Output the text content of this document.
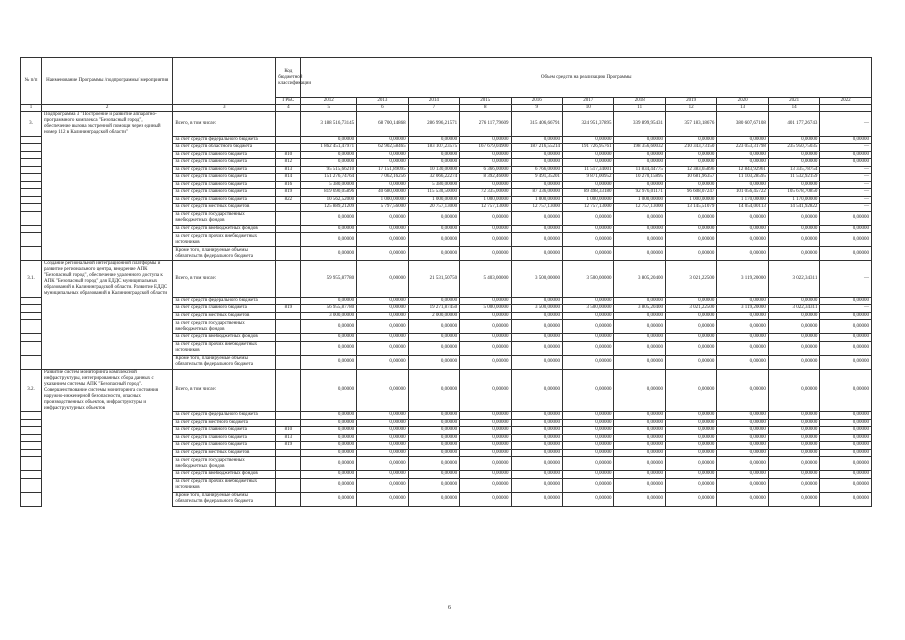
№ п/п	Наименование Программы /подпрограммы/ мероприятия		Код бюджетной классификации	Объем средств на реализацию Программы										
			ГРБС	2012	2013	2014	2015	2016	2017	2018	2019	2020	2021	2022
1	2	3	4	5	6	7	8	9	10	11	12	13	14	
3.	Подпрограмма 3 "Построение и развитие аппаратно-программного комплекса "Безопасный город", обеспечение вызова экстренной помощи через единый номер 112 в Калининградской области"	Всего, в том числе:		3 188 516,73145	68 700,14868	286 996,21571	276 117,79609	315 406,66791	324 951,37895	339 899,95431	357 183,18676	380 607,67108	401 177,26743	—
		за счет средств федерального бюджета		0,00000	0,00000	0,00000	0,00000	0,00000	0,00000	0,00000	0,00000	0,00000	0,00000	0,00000
		за счет средств областного бюджета		1 862 451,47971	62 902,58465	183 107,23575	167 679,04900	187 216,55214	191 726,95761	198 356,60032	210 343,73150	223 053,31798	235 950,75035	—
		за счет средств главного бюджета	810	0,00000	0,00000	0,00000	0,00000	0,00000	0,00000	0,00000	0,00000	0,00000	0,00000	0,00000
		за счет средств главного бюджета	812	0,00000	0,00000	0,00000	0,00000	0,00000	0,00000	0,00000	0,00000	0,00000	0,00000	0,00000
		за счет средств главного бюджета	813	95 515,66210	17 151,89095	10 130,00000	6 366,00000	6 766,00000	11 517,34001	11 834,44775	12 383,65896	12 843,92961	13 335,78754	—
		за счет средств главного бюджета	814	151 276,74764	7 062,16256	32 066,22274	8 392,46000	9 491,35201	9 871,00952	10 270,15895	10 681,96357	11 103,28595	11 532,92159	—
		за счет средств главного бюджета	816	5 380,00000	0,00000	5 380,00000	0,00000	0,00000	0,00000	0,00000	0,00000	0,00000	0,00000	—
		за счет средств главного бюджета	819	819 690,05896	40 680,00000	115 530,50000	72 335,00000	87 336,00000	89 498,33180	92 976,01171	96 608,07247	101 056,45722	105 678,70850	—
		за счет средств главного бюджета	822	10 562,52000	1 000,00000	1 000,00000	1 000,00000	1 000,00000	1 000,00000	1 000,00000	1 000,00000	1 170,00000	1 170,00000	—
		за счет средств местных бюджетов		125 889,21209	5 797,56000	20 757,13000	12 757,13000	12 757,13000	12 757,13000	12 757,13000	13 145,51079	14 054,00113	14 541,92822	—
		за счет средств государственных внебюджетных фондов		0,00000	0,00000	0,00000	0,00000	0,00000	0,00000	0,00000	0,00000	0,00000	0,00000	0,00000
		за счет средств внебюджетных фондов		0,00000	0,00000	0,00000	0,00000	0,00000	0,00000	0,00000	0,00000	0,00000	0,00000	0,00000
		за счет средств прочих внебюджетных источников		0,00000	0,00000	0,00000	0,00000	0,00000	0,00000	0,00000	0,00000	0,00000	0,00000	0,00000
		Кроме того, планируемые объемы обязательств федерального бюджета		0,00000	0,00000	0,00000	0,00000	0,00000	0,00000	0,00000	0,00000	0,00000	0,00000	0,00000
3.1.	Создание региональной интеграционной платформы и развитие регионального центра, внедрение АПК "Безопасный город", обеспечение удаленного доступа к АПК "Безопасный город" для ЕДДС муниципальных образований в Калининградской области. Развитие ЕДДС муниципальных образований в Калининградской области	Всего, в том числе:		59 955,87780	0,00000	21 531,50750	5 403,00000	3 500,00000	3 500,00000	3 805,20400	3 021,22500	3 119,20000	3 022,34311	—
		за счет средств федерального бюджета		0,00000	0,00000	0,00000	0,00000	0,00000	0,00000	0,00000	0,00000	0,00000	0,00000	0,00000
		за счет средств главного бюджета	819	56 955,87780	0,00000	19 271,87450	5 000,00000	3 500,00000	3 500,00000	3 805,20400	3 021,22500	3 119,20000	3 022,34311	—
		за счет средств местных бюджетов		3 000,00000	0,00000	2 000,00000	0,00000	0,00000	0,00000	0,00000	0,00000	0,00000	0,00000	0,00000
		за счет средств государственных внебюджетных фондов		0,00000	0,00000	0,00000	0,00000	0,00000	0,00000	0,00000	0,00000	0,00000	0,00000	0,00000
		за счет средств внебюджетных фондов		0,00000	0,00000	0,00000	0,00000	0,00000	0,00000	0,00000	0,00000	0,00000	0,00000	0,00000
		за счет средств прочих внебюджетных источников		0,00000	0,00000	0,00000	0,00000	0,00000	0,00000	0,00000	0,00000	0,00000	0,00000	0,00000
		Кроме того, планируемые объемы обязательств федерального бюджета		0,00000	0,00000	0,00000	0,00000	0,00000	0,00000	0,00000	0,00000	0,00000	0,00000	0,00000
3.2.	Развитие систем мониторинга комплексной инфраструктуры, интегрированных сбора данных с указанием системы АПК "Безопасный город". Совершенствование системы мониторинга состояния наружно-инженерной безопасности, опасных производственных объектов, инфраструктуры и инфраструктурных объектов	Всего, в том числе:		0,00000	0,00000	0,00000	0,00000	0,00000	0,00000	0,00000	0,00000	0,00000	0,00000	0,00000
		за счет средств федерального бюджета		0,00000	0,00000	0,00000	0,00000	0,00000	0,00000	0,00000	0,00000	0,00000	0,00000	0,00000
		за счет средств местного бюджета		0,00000	0,00000	0,00000	0,00000	0,00000	0,00000	0,00000	0,00000	0,00000	0,00000	0,00000
		за счет средств главного бюджета	810	0,00000	0,00000	0,00000	0,00000	0,00000	0,00000	0,00000	0,00000	0,00000	0,00000	0,00000
		за счет средств главного бюджета	813	0,00000	0,00000	0,00000	0,00000	0,00000	0,00000	0,00000	0,00000	0,00000	0,00000	0,00000
		за счет средств главного бюджета	819	0,00000	0,00000	0,00000	0,00000	0,00000	0,00000	0,00000	0,00000	0,00000	0,00000	0,00000
		за счет средств местных бюджетов		0,00000	0,00000	0,00000	0,00000	0,00000	0,00000	0,00000	0,00000	0,00000	0,00000	0,00000
		за счет средств государственных внебюджетных фондов		0,00000	0,00000	0,00000	0,00000	0,00000	0,00000	0,00000	0,00000	0,00000	0,00000	0,00000
		за счет средств внебюджетных фондов		0,00000	0,00000	0,00000	0,00000	0,00000	0,00000	0,00000	0,00000	0,00000	0,00000	0,00000
		за счет средств прочих внебюджетных источников		0,00000	0,00000	0,00000	0,00000	0,00000	0,00000	0,00000	0,00000	0,00000	0,00000	0,00000
		Кроме того, планируемые объемы обязательств федерального бюджета		0,00000	0,00000	0,00000	0,00000	0,00000	0,00000	0,00000	0,00000	0,00000	0,00000	0,00000
6
